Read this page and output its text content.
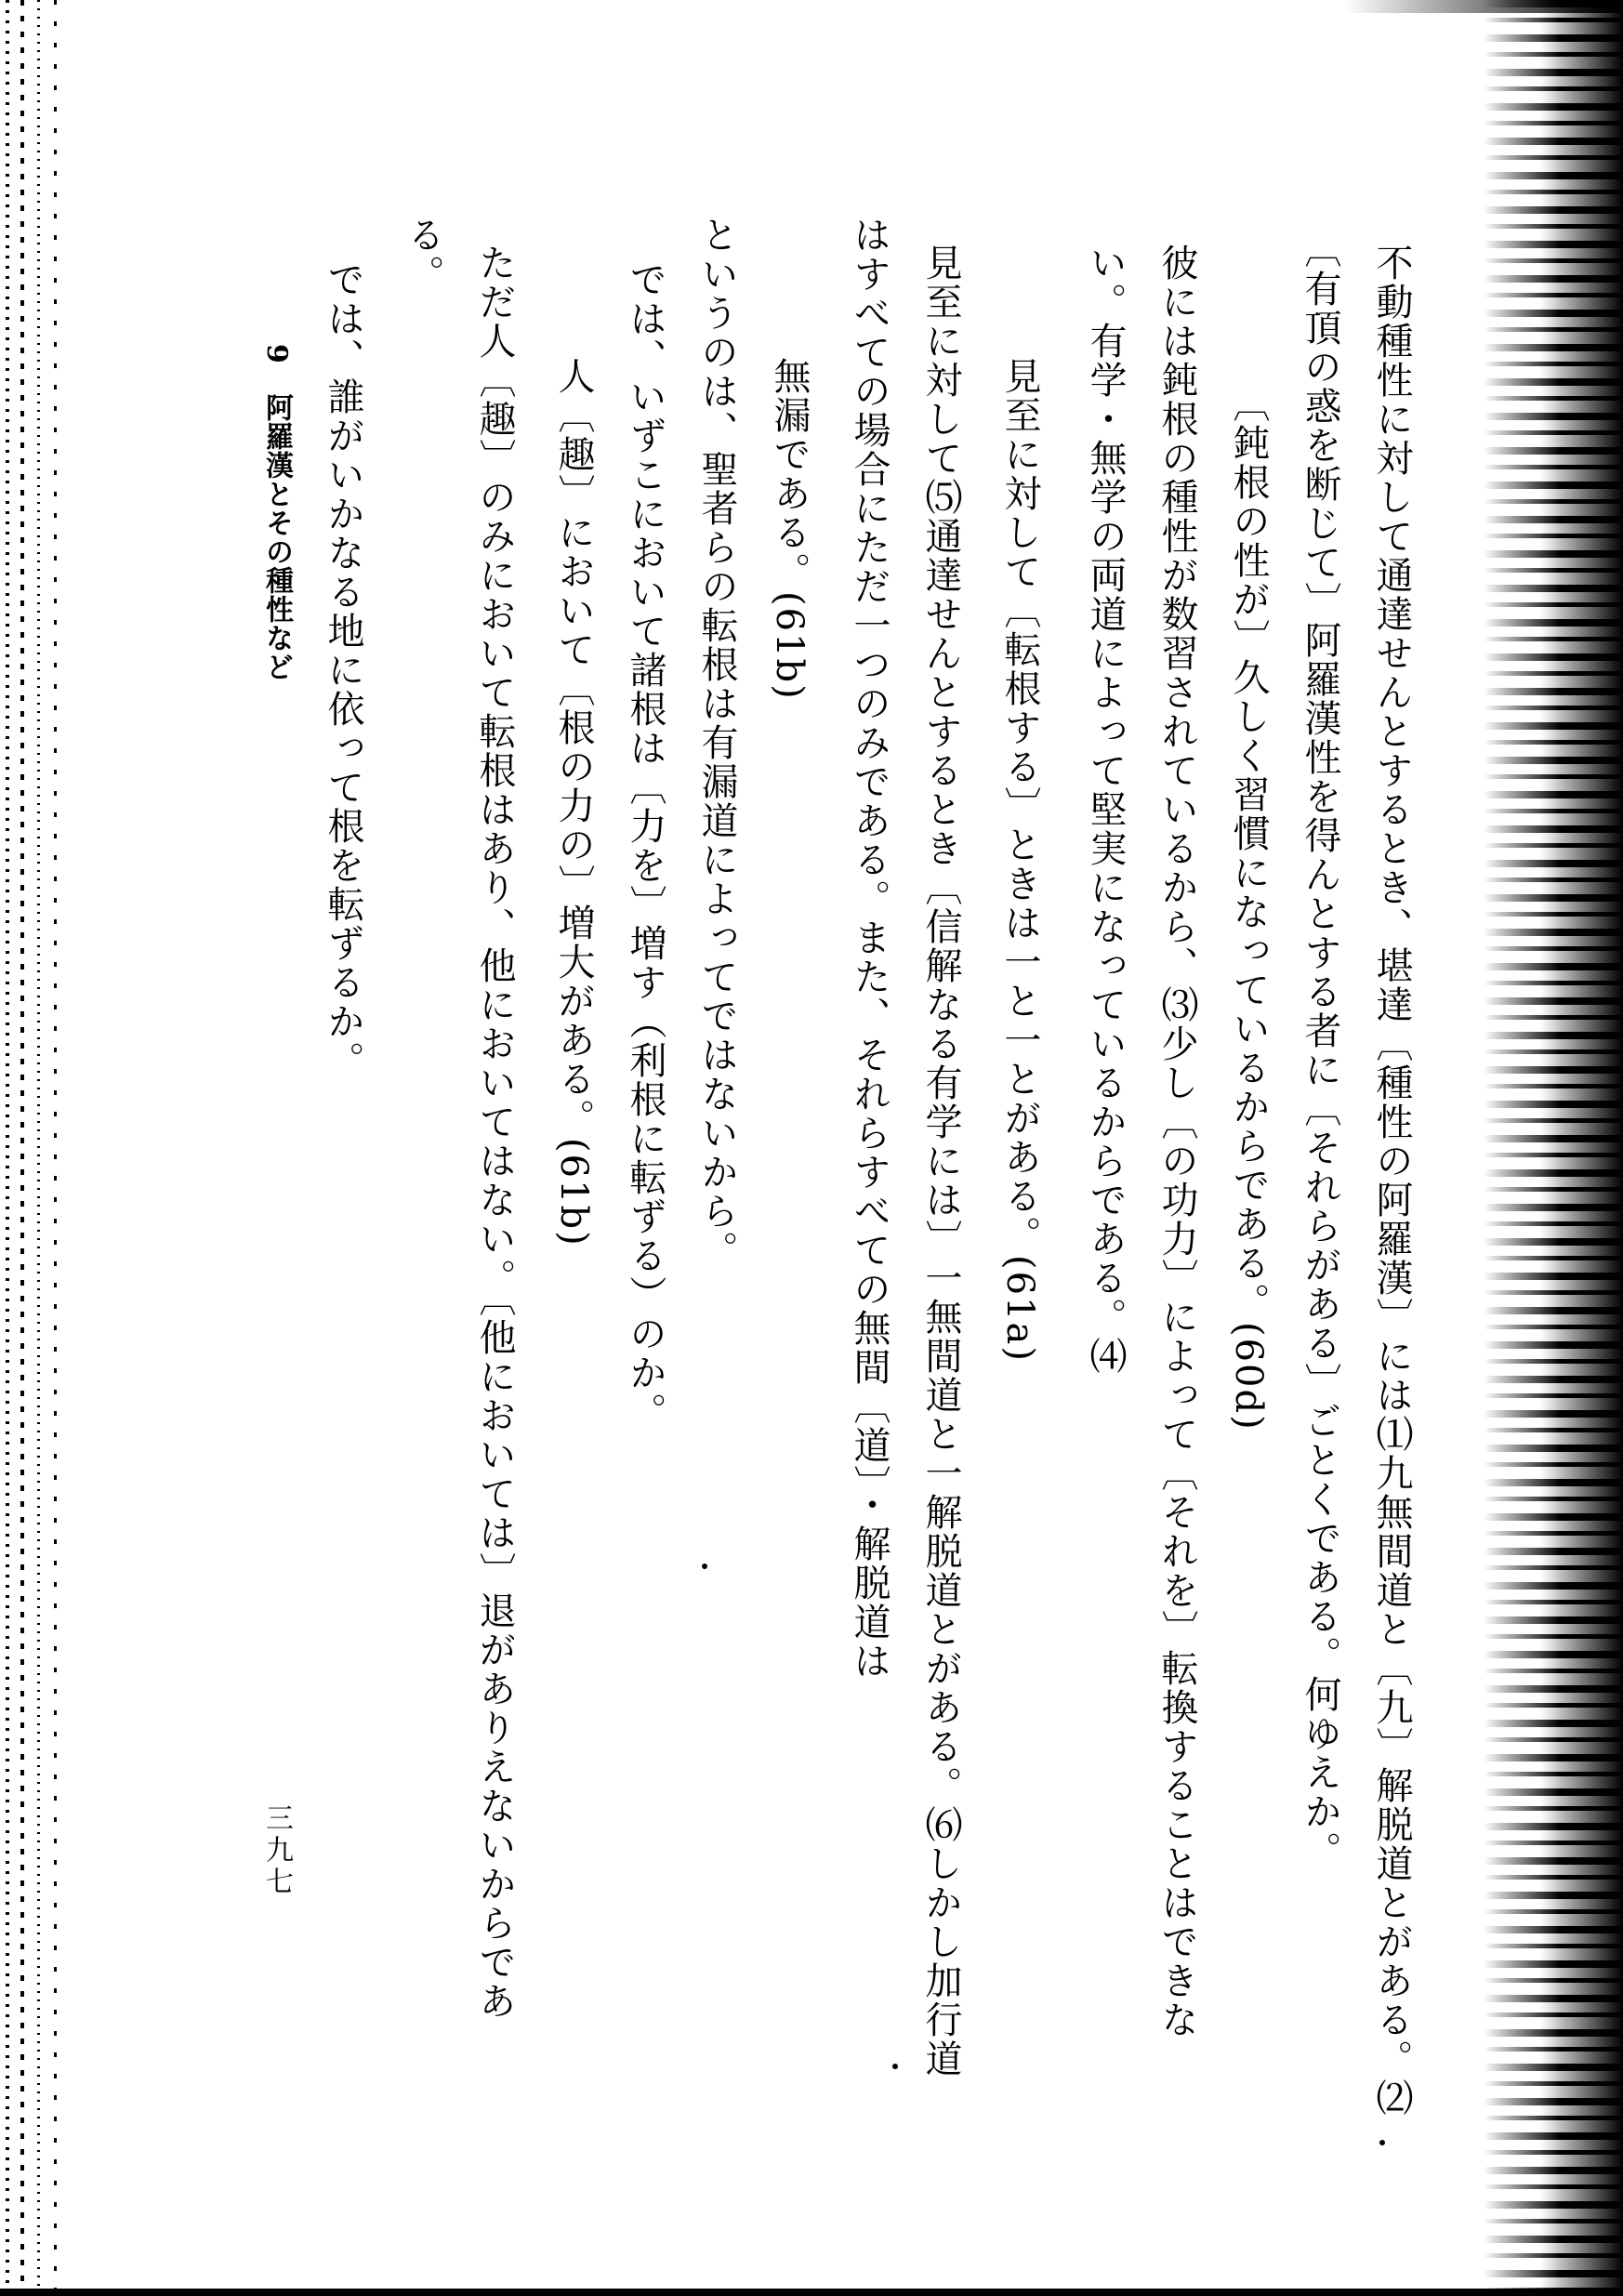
不動種性に対して通達せんとするとき、堪達〔種性の阿羅漢〕には⑴九無間道と〔九〕解脱道とがある。⑵
〔有頂の惑を断じて〕阿羅漢性を得んとする者に〔それらがある〕ごとくである。何ゆえか。
〔鈍根の性が〕久しく習慣になっているからである。(60d)
彼には鈍根の種性が数習されているから、⑶少し〔の功力〕によって〔それを〕転換することはできな
い。有学・無学の両道によって堅実になっているからである。⑷
見至に対して〔転根する〕ときは一と一とがある。(61a)
見至に対して⑸通達せんとするとき〔信解なる有学には〕一無間道と一解脱道とがある。⑹しかし加行道
はすべての場合にただ一つのみである。また、それらすべての無間〔道〕・解脱道は
無漏である。(61b)
というのは、聖者らの転根は有漏道によってではないから。
では、いずこにおいて諸根は〔力を〕増す（利根に転ずる）のか。
人〔趣〕において〔根の力の〕増大がある。(61b)
ただ人〔趣〕のみにおいて転根はあり、他においてはない。〔他においては〕退がありえないからであ
る。
では、誰がいかなる地に依って根を転ずるか。
9　阿羅漢とその種性など
三九七
